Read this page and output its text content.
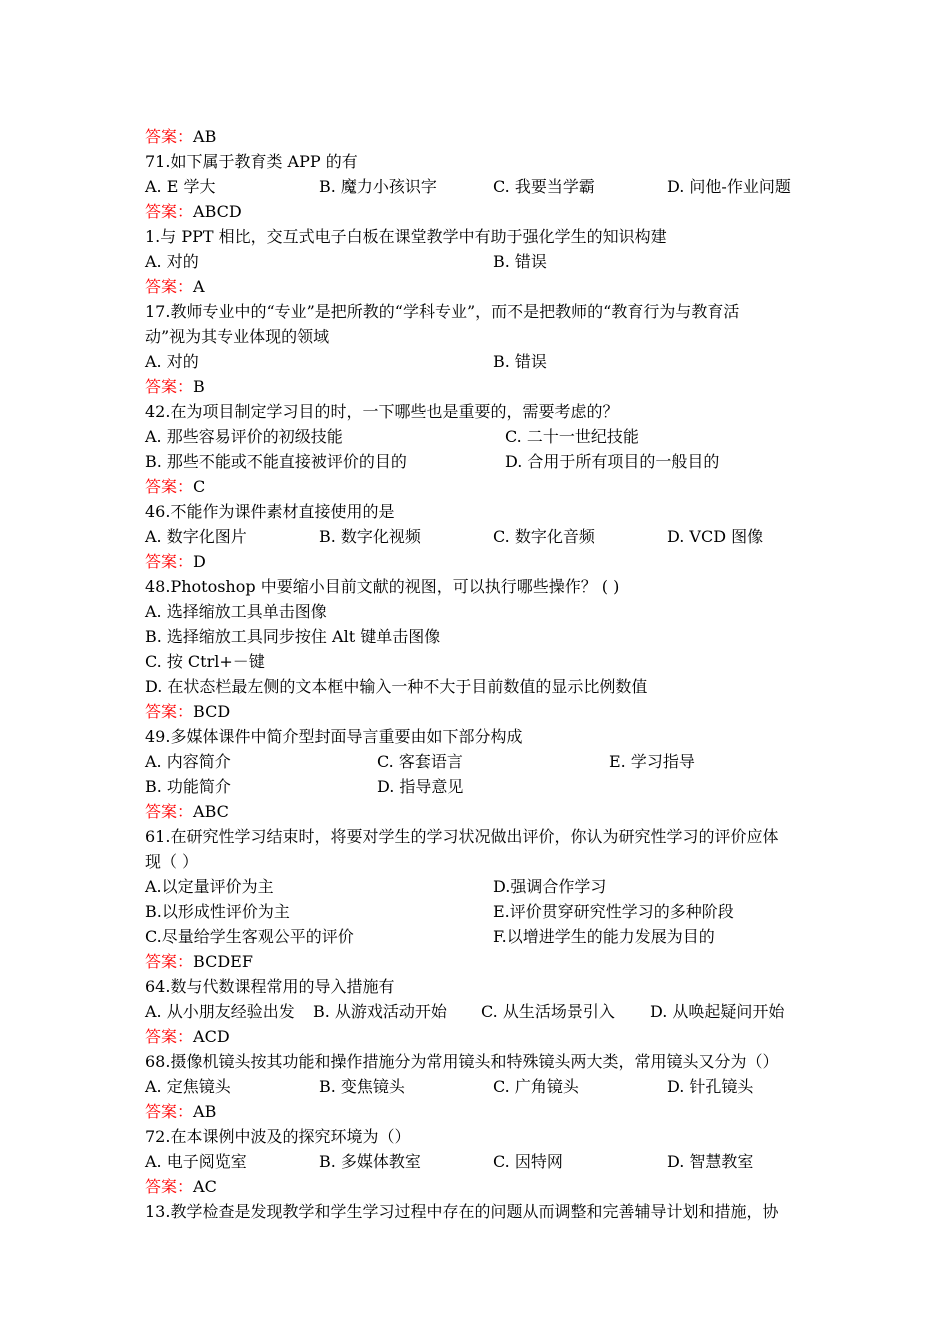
答案：AB
71.如下属于教育类 APP 的有
A. E 学大	B. 魔力小孩识字	C. 我要当学霸	D. 问他-作业问题
答案：ABCD
1.与 PPT 相比，交互式电子白板在课堂教学中有助于强化学生的知识构建
A. 对的	B. 错误
答案：A
17.教师专业中的“专业”是把所教的“学科专业”，而不是把教师的“教育行为与教育活
动”视为其专业体现的领域
A. 对的	B. 错误
答案：B
42.在为项目制定学习目的时，一下哪些也是重要的，需要考虑的？
A. 那些容易评价的初级技能	C. 二十一世纪技能
B. 那些不能或不能直接被评价的目的	D. 合用于所有项目的一般目的
答案：C
46.不能作为课件素材直接使用的是
A. 数字化图片	B. 数字化视频	C. 数字化音频	D. VCD 图像
答案：D
48.Photoshop 中要缩小目前文献的视图，可以执行哪些操作？ ( )
A. 选择缩放工具单击图像
B. 选择缩放工具同步按住 Alt 键单击图像
C. 按 Ctrl+－键
D. 在状态栏最左侧的文本框中输入一种不大于目前数值的显示比例数值
答案：BCD
49.多媒体课件中简介型封面导言重要由如下部分构成
A. 内容简介	C. 客套语言	E. 学习指导
B. 功能简介	D. 指导意见
答案：ABC
61.在研究性学习结束时，将要对学生的学习状况做出评价，你认为研究性学习的评价应体
现（ ）
A.以定量评价为主	D.强调合作学习
B.以形成性评价为主	E.评价贯穿研究性学习的多种阶段
C.尽量给学生客观公平的评价	F.以增进学生的能力发展为目的
答案：BCDEF
64.数与代数课程常用的导入措施有
A. 从小朋友经验出发 B. 从游戏活动开始 C. 从生活场景引入 D. 从唤起疑问开始
答案：ACD
68.摄像机镜头按其功能和操作措施分为常用镜头和特殊镜头两大类，常用镜头又分为（）
A. 定焦镜头	B. 变焦镜头	C. 广角镜头	D. 针孔镜头
答案：AB
72.在本课例中波及的探究环境为（）
A. 电子阅览室	B. 多媒体教室	C. 因特网	D. 智慧教室
答案：AC
13.教学检查是发现教学和学生学习过程中存在的问题从而调整和完善辅导计划和措施，协
